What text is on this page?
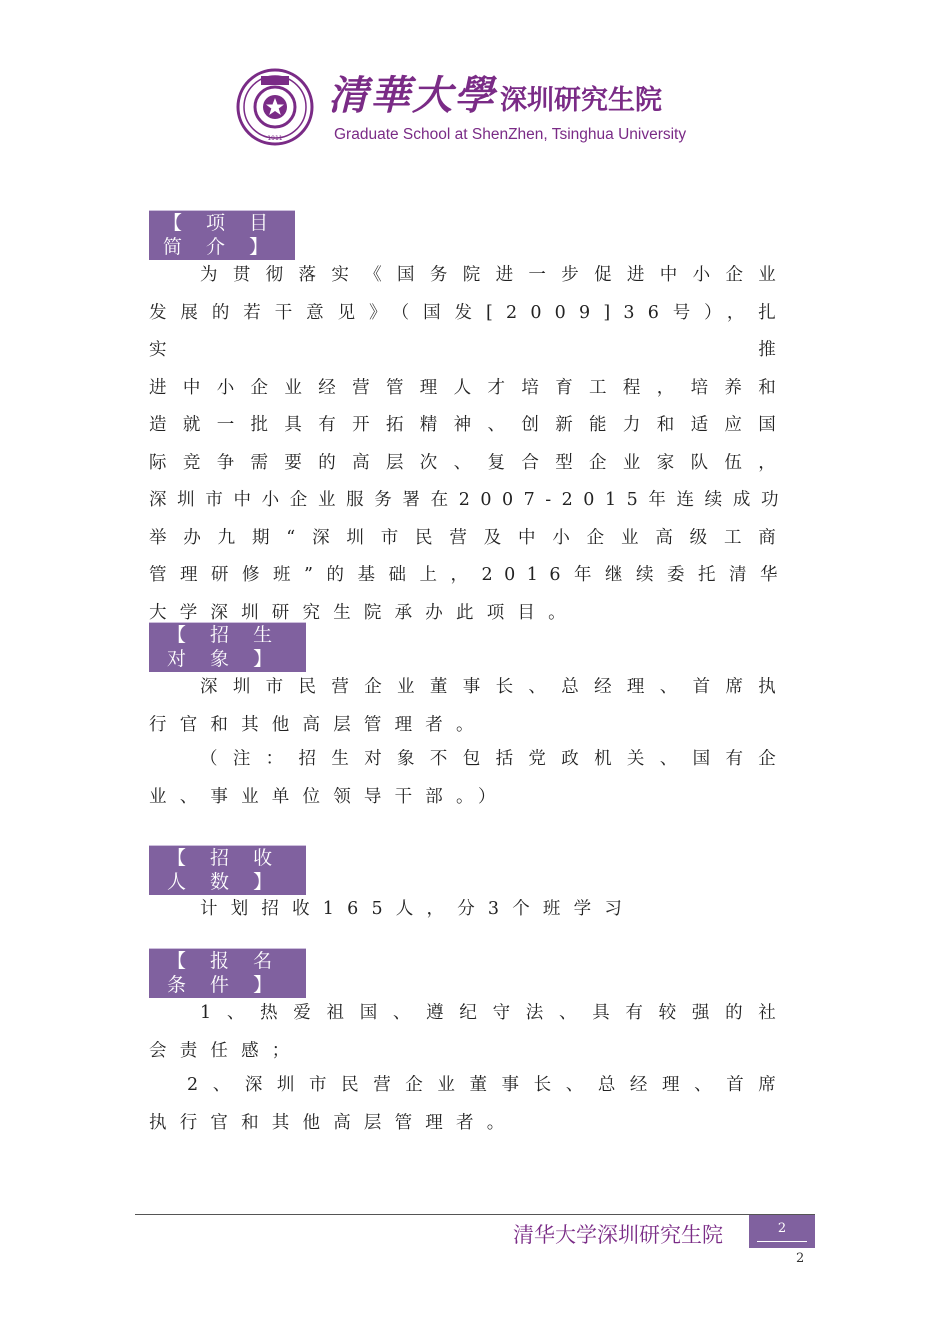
1911
清華大學 深圳研究生院
Graduate School at ShenZhen, Tsinghua University
【 项 目
简 介 】

为贯彻落实《国务院进一步促进中小企业

发展的若干意见》（国发[2009]36号），扎实推

进中小企业经营管理人才培育工程，培养和

造就一批具有开拓精神、创新能力和适应国

际竞争需要的高层次、复合型企业家队伍，

深圳市中小企业服务署在2007-2015年连续成功

举办九期“深圳市民营及中小企业高级工商

管理研修班”的基础上，2016年继续委托清华

大学深圳研究生院承办此项目。

【 招 生
对 象 】

深圳市民营企业董事长、总经理、首席执

行官和其他高层管理者。

（注：招生对象不包括党政机关、国有企

业、事业单位领导干部。）

【 招 收
人 数 】

计划招收165人，分3个班学习

【 报 名
条 件 】

1、热爱祖国、遵纪守法、具有较强的社

会责任感；

2、深圳市民营企业董事长、总经理、首席

执行官和其他高层管理者。

清华大学深圳研究生院	2
2
